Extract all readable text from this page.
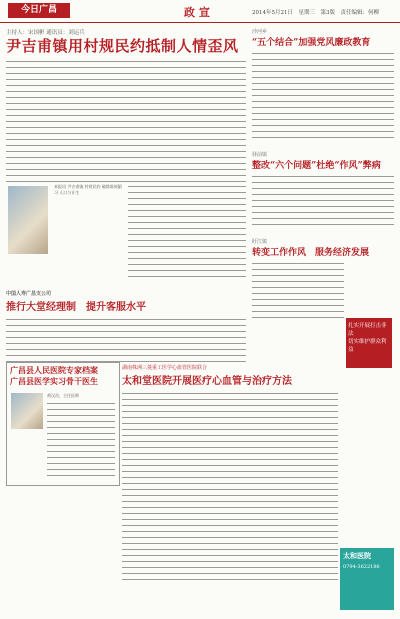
今日广昌	政 宣	2014年5月21日　星期三　第3版　责任编辑：何柳
主持人：宋国彬 通讯员：刘运兵
尹吉甫镇用村规民约抵制人情歪风
本报讯 尹吉甫镇 村规民约 破除陈规陋习 人口与计生
中国人寿广昌支公司
推行大堂经理制　提升客服水平
广昌县人民医院专家档案
广昌县医学实习骨干医生
黄汉昌，主任医师
湖南株洲三菱重工医学心血管医院联合
太和堂医院开展医疗心血管与治疗方法
沙河乡
“五个结合”加强党风廉政教育
驿前镇
整改“六个问题”杜绝“作风”弊病
盱江镇
转变工作作风　服务经济发展
扎实开展打击非法
切实维护群众利益
太和医院
0794-3622186
